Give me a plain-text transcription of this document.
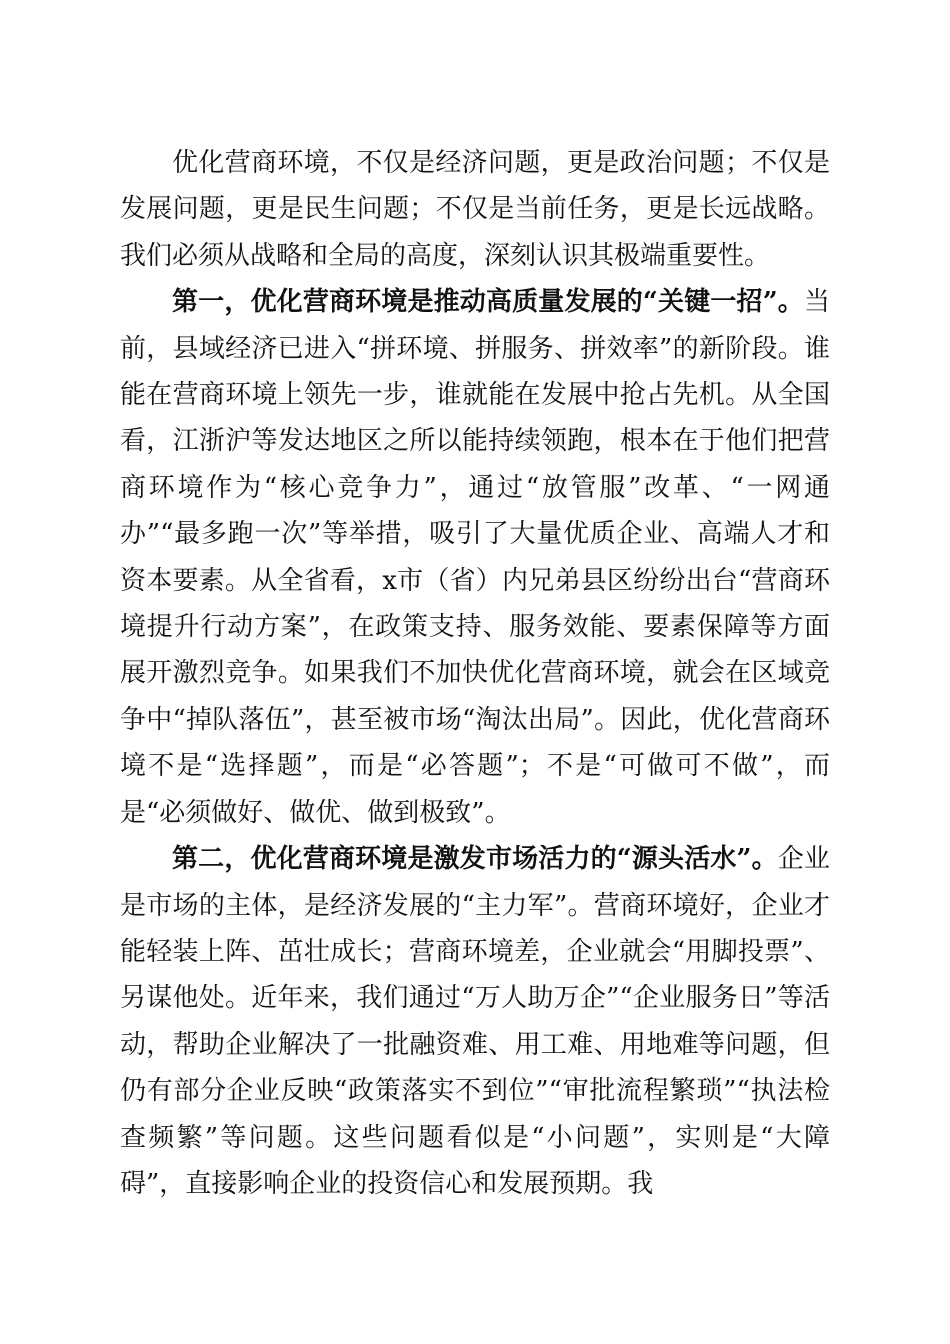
优化营商环境，不仅是经济问题，更是政治问题；不仅是发展问题，更是民生问题；不仅是当前任务，更是长远战略。我们必须从战略和全局的高度，深刻认识其极端重要性。

第一，优化营商环境是推动高质量发展的“关键一招”。当前，县域经济已进入“拼环境、拼服务、拼效率”的新阶段。谁能在营商环境上领先一步，谁就能在发展中抢占先机。从全国看，江浙沪等发达地区之所以能持续领跑，根本在于他们把营商环境作为“核心竞争力”，通过“放管服”改革、“一网通办”“最多跑一次”等举措，吸引了大量优质企业、高端人才和资本要素。从全省看，x市（省）内兄弟县区纷纷出台“营商环境提升行动方案”，在政策支持、服务效能、要素保障等方面展开激烈竞争。如果我们不加快优化营商环境，就会在区域竞争中“掉队落伍”，甚至被市场“淘汰出局”。因此，优化营商环境不是“选择题”，而是“必答题”；不是“可做可不做”，而是“必须做好、做优、做到极致”。

第二，优化营商环境是激发市场活力的“源头活水”。企业是市场的主体，是经济发展的“主力军”。营商环境好，企业才能轻装上阵、茁壮成长；营商环境差，企业就会“用脚投票”、另谋他处。近年来，我们通过“万人助万企”“企业服务日”等活动，帮助企业解决了一批融资难、用工难、用地难等问题，但仍有部分企业反映“政策落实不到位”“审批流程繁琐”“执法检查频繁”等问题。这些问题看似是“小问题”，实则是“大障碍”，直接影响企业的投资信心和发展预期。我
